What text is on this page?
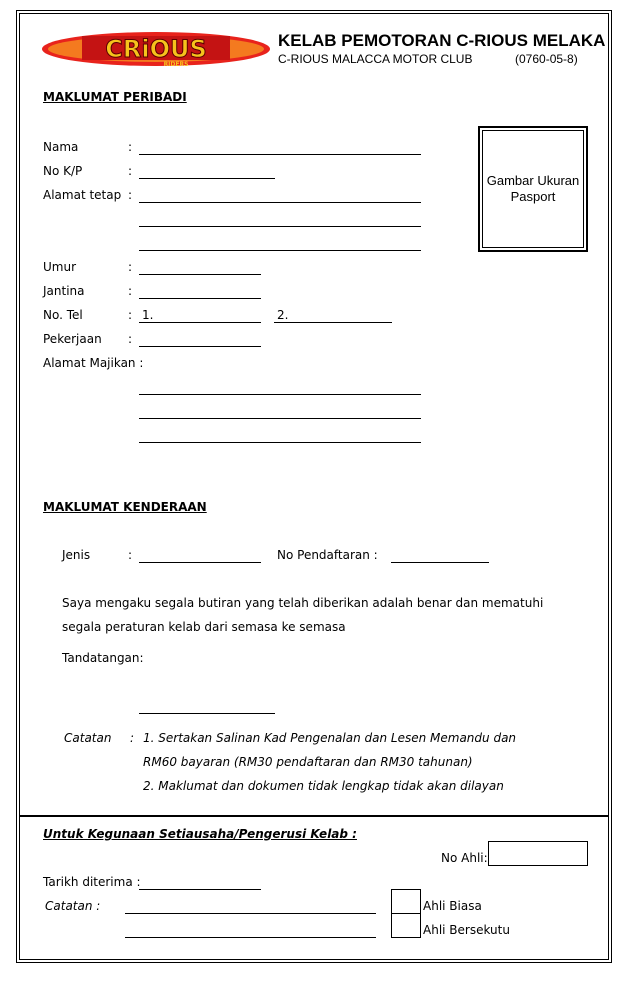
CRiOUS
RIDERS
KELAB PEMOTORAN C-RIOUS MELAKA
C-RIOUS MALACCA MOTOR CLUB	(0760-05-8)
MAKLUMAT PERIBADI
Nama	:
No K/P	:
Alamat tetap :
Umur	:
Jantina	:
No. Tel	: 1.	2.
Pekerjaan :
Alamat Majikan :
Gambar Ukuran Pasport
MAKLUMAT KENDERAAN
Jenis	:	No Pendaftaran :
Saya mengaku segala butiran yang telah diberikan adalah benar dan mematuhi
segala peraturan kelab dari semasa ke semasa
Tandatangan:
Catatan : 1. Sertakan Salinan Kad Pengenalan dan Lesen Memandu dan
RM60 bayaran (RM30 pendaftaran dan RM30 tahunan)
2. Maklumat dan dokumen tidak lengkap tidak akan dilayan
Untuk Kegunaan Setiausaha/Pengerusi Kelab :
No Ahli:
Tarikh diterima :
Catatan :	Ahli Biasa
Ahli Bersekutu
